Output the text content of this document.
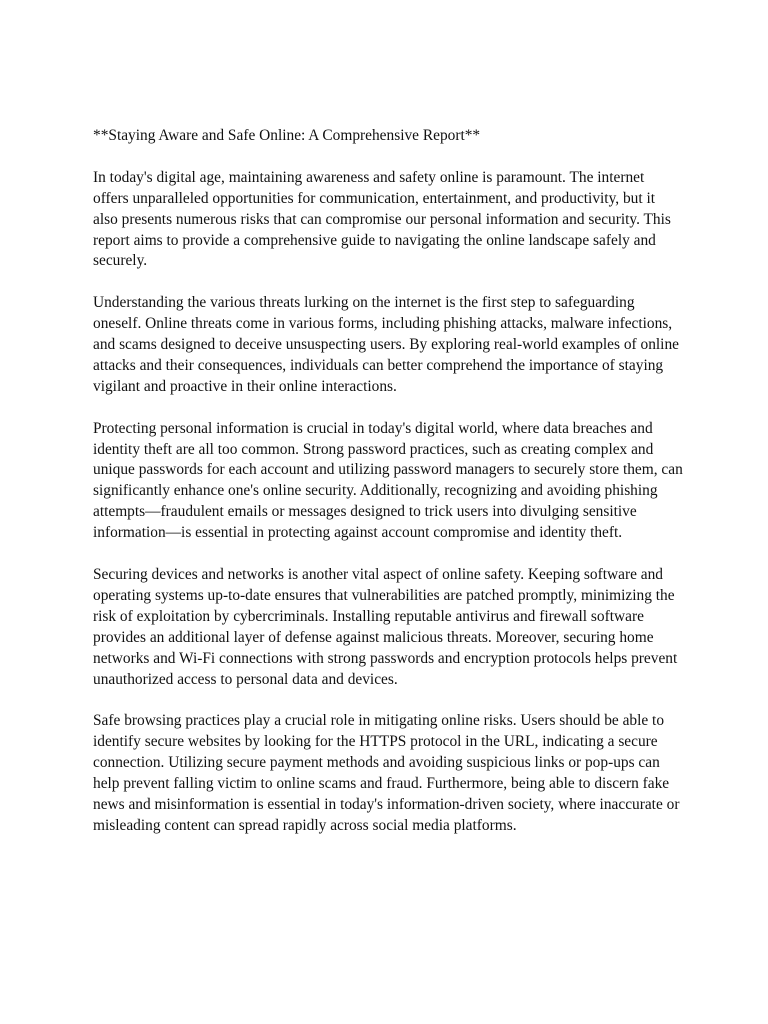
**Staying Aware and Safe Online: A Comprehensive Report**

In today's digital age, maintaining awareness and safety online is paramount. The internet offers unparalleled opportunities for communication, entertainment, and productivity, but it also presents numerous risks that can compromise our personal information and security. This report aims to provide a comprehensive guide to navigating the online landscape safely and securely.

Understanding the various threats lurking on the internet is the first step to safeguarding oneself. Online threats come in various forms, including phishing attacks, malware infections, and scams designed to deceive unsuspecting users. By exploring real-world examples of online attacks and their consequences, individuals can better comprehend the importance of staying vigilant and proactive in their online interactions.

Protecting personal information is crucial in today's digital world, where data breaches and identity theft are all too common. Strong password practices, such as creating complex and unique passwords for each account and utilizing password managers to securely store them, can significantly enhance one's online security. Additionally, recognizing and avoiding phishing attempts—fraudulent emails or messages designed to trick users into divulging sensitive information—is essential in protecting against account compromise and identity theft.

Securing devices and networks is another vital aspect of online safety. Keeping software and operating systems up-to-date ensures that vulnerabilities are patched promptly, minimizing the risk of exploitation by cybercriminals. Installing reputable antivirus and firewall software provides an additional layer of defense against malicious threats. Moreover, securing home networks and Wi-Fi connections with strong passwords and encryption protocols helps prevent unauthorized access to personal data and devices.

Safe browsing practices play a crucial role in mitigating online risks. Users should be able to identify secure websites by looking for the HTTPS protocol in the URL, indicating a secure connection. Utilizing secure payment methods and avoiding suspicious links or pop-ups can help prevent falling victim to online scams and fraud. Furthermore, being able to discern fake news and misinformation is essential in today's information-driven society, where inaccurate or misleading content can spread rapidly across social media platforms.
